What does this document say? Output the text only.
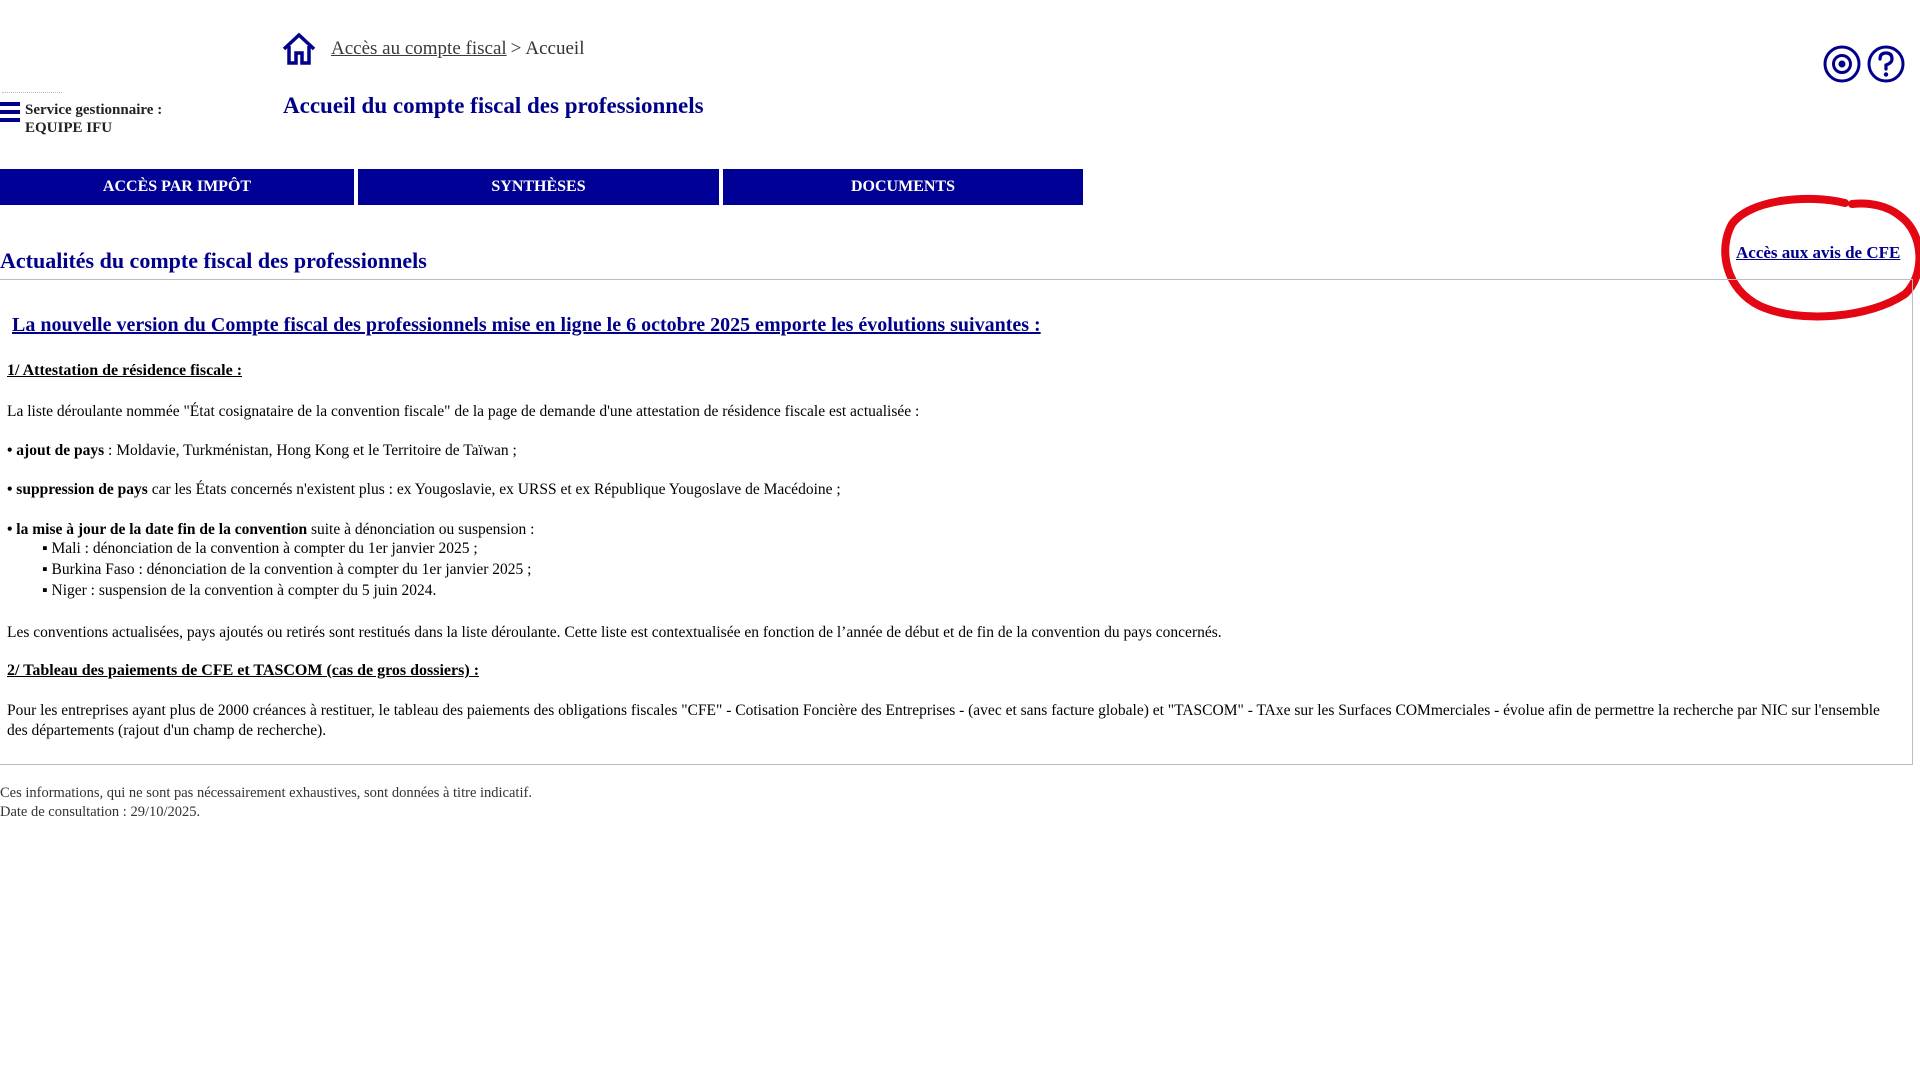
Accès au compte fiscal > Accueil
Accueil du compte fiscal des professionnels
Service gestionnaire :
EQUIPE IFU
ACCÈS PAR IMPÔT	SYNTHÈSES	DOCUMENTS
Actualités du compte fiscal des professionnels	Accès aux avis de CFE
La nouvelle version du Compte fiscal des professionnels mise en ligne le 6 octobre 2025 emporte les évolutions suivantes :
1/ Attestation de résidence fiscale :
La liste déroulante nommée "État cosignataire de la convention fiscale" de la page de demande d'une attestation de résidence fiscale est actualisée :
• ajout de pays : Moldavie, Turkménistan, Hong Kong et le Territoire de Taïwan ;
• suppression de pays car les États concernés n'existent plus : ex Yougoslavie, ex URSS et ex République Yougoslave de Macédoine ;
• la mise à jour de la date fin de la convention suite à dénonciation ou suspension :
▪ Mali : dénonciation de la convention à compter du 1er janvier 2025 ;
▪ Burkina Faso : dénonciation de la convention à compter du 1er janvier 2025 ;
▪ Niger : suspension de la convention à compter du 5 juin 2024.
Les conventions actualisées, pays ajoutés ou retirés sont restitués dans la liste déroulante. Cette liste est contextualisée en fonction de l’année de début et de fin de la convention du pays concernés.
2/ Tableau des paiements de CFE et TASCOM (cas de gros dossiers) :
Pour les entreprises ayant plus de 2000 créances à restituer, le tableau des paiements des obligations fiscales "CFE" - Cotisation Foncière des Entreprises - (avec et sans facture globale) et "TASCOM" - TAxe sur les Surfaces COMmerciales - évolue afin de permettre la recherche par NIC sur l'ensemble des départements (rajout d'un champ de recherche).
Ces informations, qui ne sont pas nécessairement exhaustives, sont données à titre indicatif.
Date de consultation : 29/10/2025.
